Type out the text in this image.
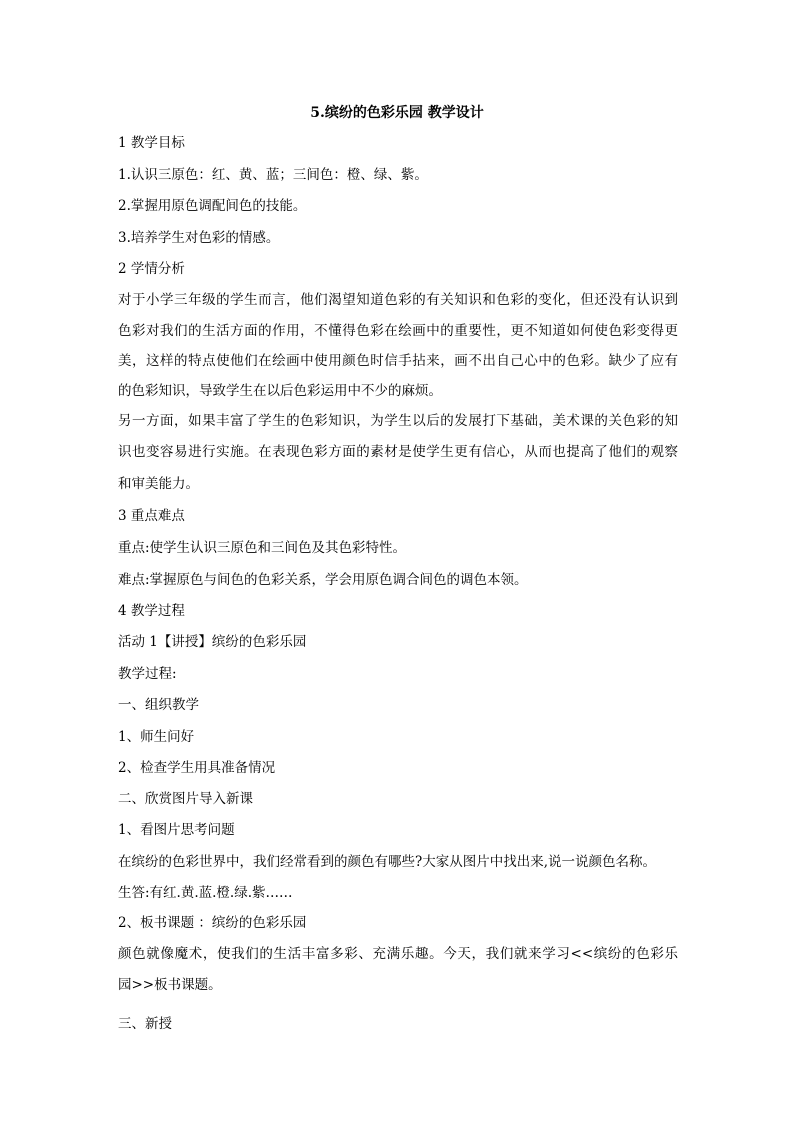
5.缤纷的色彩乐园 教学设计
1 教学目标
1.认识三原色：红、黄、蓝；三间色：橙、绿、紫。
2.掌握用原色调配间色的技能。
3.培养学生对色彩的情感。
2 学情分析
对于小学三年级的学生而言，他们渴望知道色彩的有关知识和色彩的变化，但还没有认识到
色彩对我们的生活方面的作用，不懂得色彩在绘画中的重要性，更不知道如何使色彩变得更
美，这样的特点使他们在绘画中使用颜色时信手拈来，画不出自己心中的色彩。缺少了应有
的色彩知识，导致学生在以后色彩运用中不少的麻烦。
另一方面，如果丰富了学生的色彩知识，为学生以后的发展打下基础，美术课的关色彩的知
识也变容易进行实施。在表现色彩方面的素材是使学生更有信心，从而也提高了他们的观察
和审美能力。
3 重点难点
重点:使学生认识三原色和三间色及其色彩特性。
难点:掌握原色与间色的色彩关系，学会用原色调合间色的调色本领。
4 教学过程
活动 1【讲授】缤纷的色彩乐园
教学过程:
一、组织教学
1、师生问好
2、检查学生用具准备情况
二、欣赏图片导入新课
1、看图片思考问题
在缤纷的色彩世界中，我们经常看到的颜色有哪些?大家从图片中找出来,说一说颜色名称。
生答:有红.黄.蓝.橙.绿.紫……
2、板书课题 ：缤纷的色彩乐园
颜色就像魔术，使我们的生活丰富多彩、充满乐趣。今天，我们就来学习<<缤纷的色彩乐
园>>板书课题。
三、新授
